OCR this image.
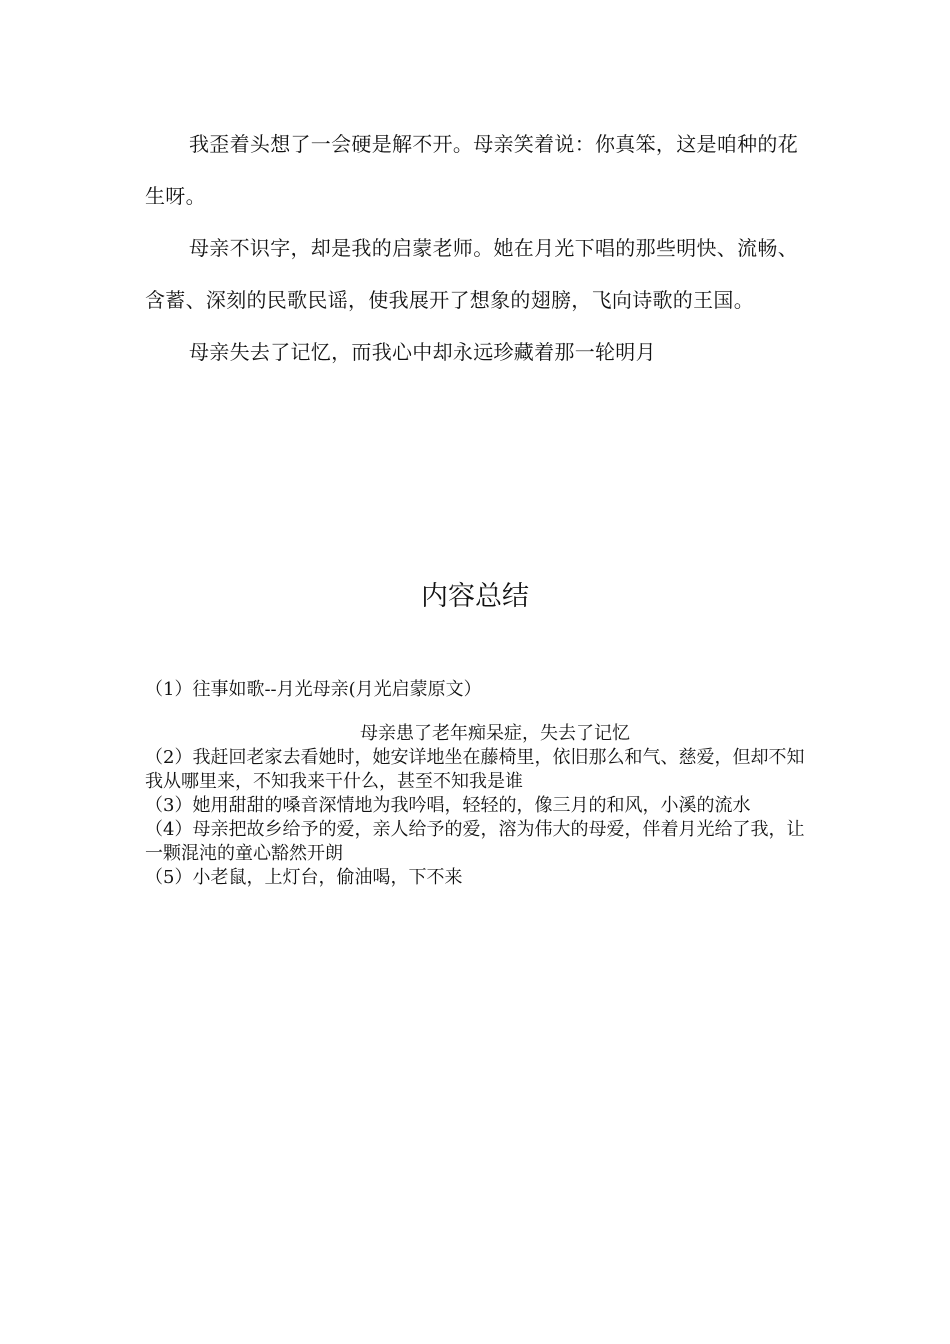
我歪着头想了一会硬是解不开。母亲笑着说：你真笨，这是咱种的花生呀。

母亲不识字，却是我的启蒙老师。她在月光下唱的那些明快、流畅、含蓄、深刻的民歌民谣，使我展开了想象的翅膀，飞向诗歌的王国。

母亲失去了记忆，而我心中却永远珍藏着那一轮明月

内容总结

（1）往事如歌--月光母亲(月光启蒙原文）

母亲患了老年痴呆症，失去了记忆

（2）我赶回老家去看她时，她安详地坐在藤椅里，依旧那么和气、慈爱，但却不知我从哪里来，不知我来干什么，甚至不知我是谁

（3）她用甜甜的嗓音深情地为我吟唱，轻轻的，像三月的和风，小溪的流水

（4）母亲把故乡给予的爱，亲人给予的爱，溶为伟大的母爱，伴着月光给了我，让一颗混沌的童心豁然开朗

（5）小老鼠，上灯台，偷油喝，下不来
